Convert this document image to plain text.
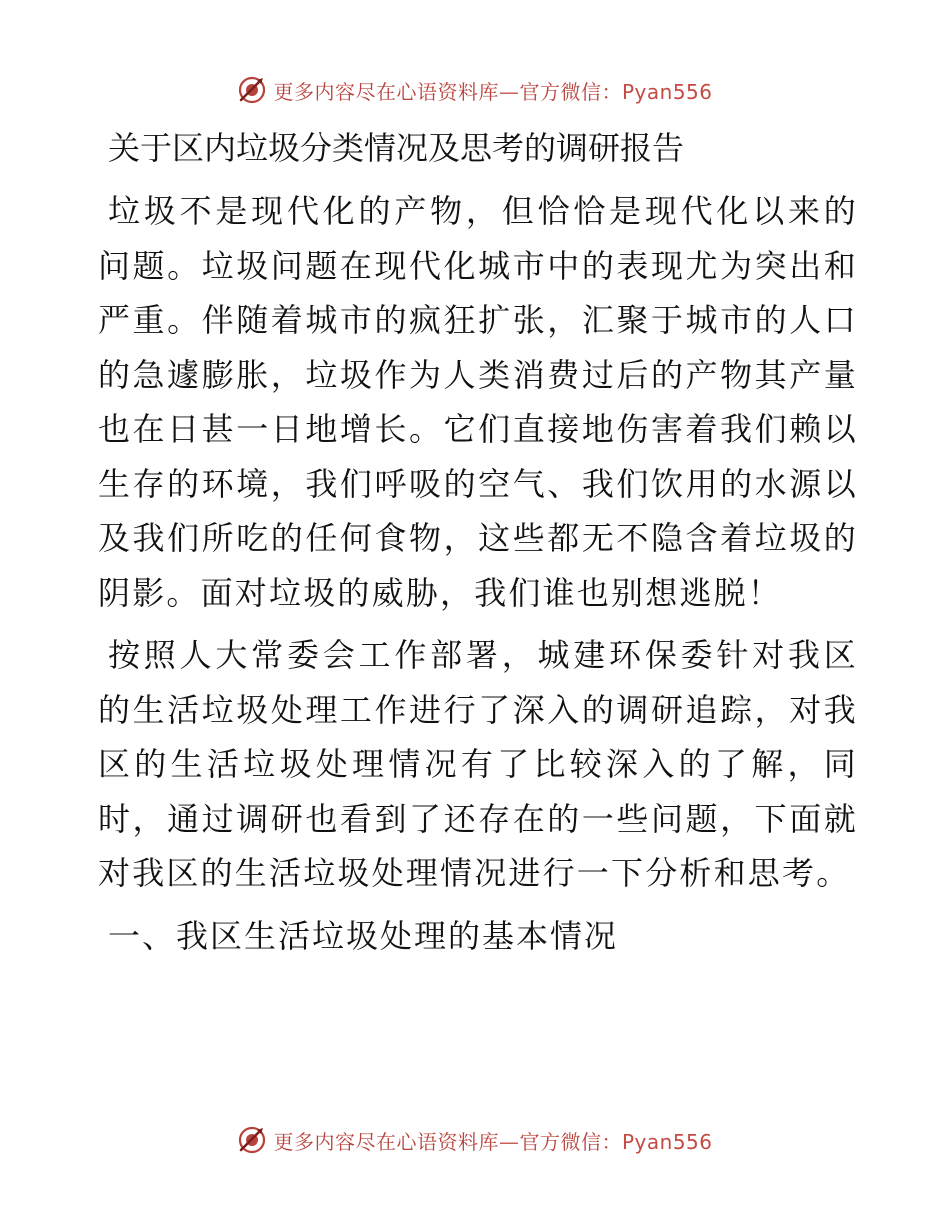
更多内容尽在心语资料库—官方微信：Pyan556
关于区内垃圾分类情况及思考的调研报告

垃圾不是现代化的产物，但恰恰是现代化以来的问题。垃圾问题在现代化城市中的表现尤为突出和严重。伴随着城市的疯狂扩张，汇聚于城市的人口的急遽膨胀，垃圾作为人类消费过后的产物其产量也在日甚一日地增长。它们直接地伤害着我们赖以生存的环境，我们呼吸的空气、我们饮用的水源以及我们所吃的任何食物，这些都无不隐含着垃圾的阴影。面对垃圾的威胁，我们谁也别想逃脱！

按照人大常委会工作部署，城建环保委针对我区的生活垃圾处理工作进行了深入的调研追踪，对我区的生活垃圾处理情况有了比较深入的了解，同时，通过调研也看到了还存在的一些问题，下面就对我区的生活垃圾处理情况进行一下分析和思考。

一、我区生活垃圾处理的基本情况
更多内容尽在心语资料库—官方微信：Pyan556
